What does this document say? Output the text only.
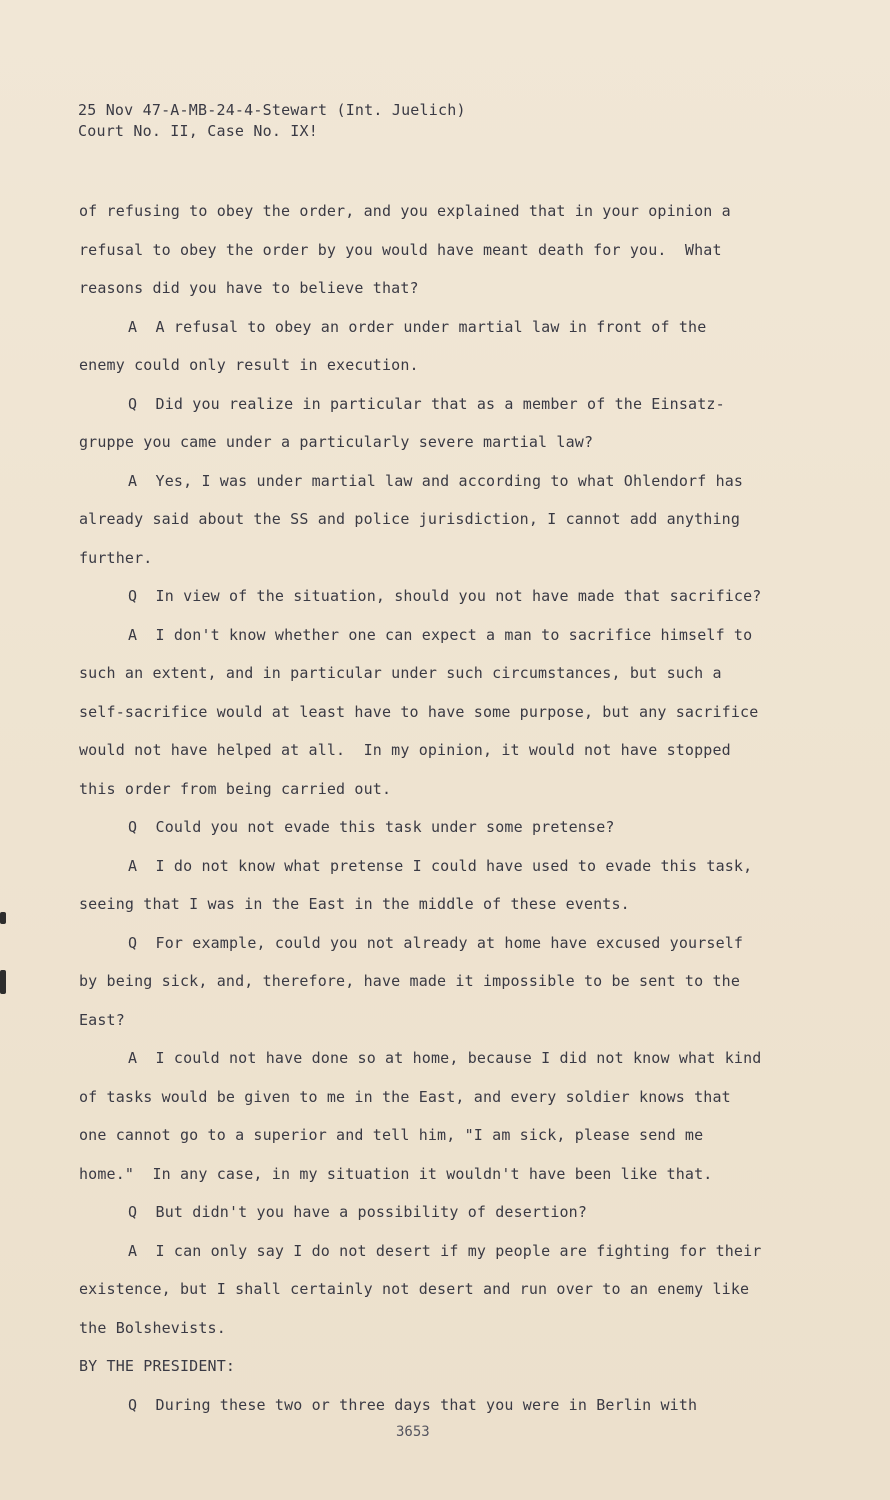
25 Nov 47-A-MB-24-4-Stewart (Int. Juelich)
Court No. II, Case No. IX!

of refusing to obey the order, and you explained that in your opinion a

refusal to obey the order by you would have meant death for you.  What

reasons did you have to believe that?

A  A refusal to obey an order under martial law in front of the

enemy could only result in execution.

Q  Did you realize in particular that as a member of the Einsatz-

gruppe you came under a particularly severe martial law?

A  Yes, I was under martial law and according to what Ohlendorf has

already said about the SS and police jurisdiction, I cannot add anything

further.

Q  In view of the situation, should you not have made that sacrifice?

A  I don't know whether one can expect a man to sacrifice himself to

such an extent, and in particular under such circumstances, but such a

self-sacrifice would at least have to have some purpose, but any sacrifice

would not have helped at all.  In my opinion, it would not have stopped

this order from being carried out.

Q  Could you not evade this task under some pretense?

A  I do not know what pretense I could have used to evade this task,

seeing that I was in the East in the middle of these events.

Q  For example, could you not already at home have excused yourself

by being sick, and, therefore, have made it impossible to be sent to the

East?

A  I could not have done so at home, because I did not know what kind

of tasks would be given to me in the East, and every soldier knows that

one cannot go to a superior and tell him, "I am sick, please send me

home."  In any case, in my situation it wouldn't have been like that.

Q  But didn't you have a possibility of desertion?

A  I can only say I do not desert if my people are fighting for their

existence, but I shall certainly not desert and run over to an enemy like

the Bolshevists.

BY THE PRESIDENT:

Q  During these two or three days that you were in Berlin with

3653
